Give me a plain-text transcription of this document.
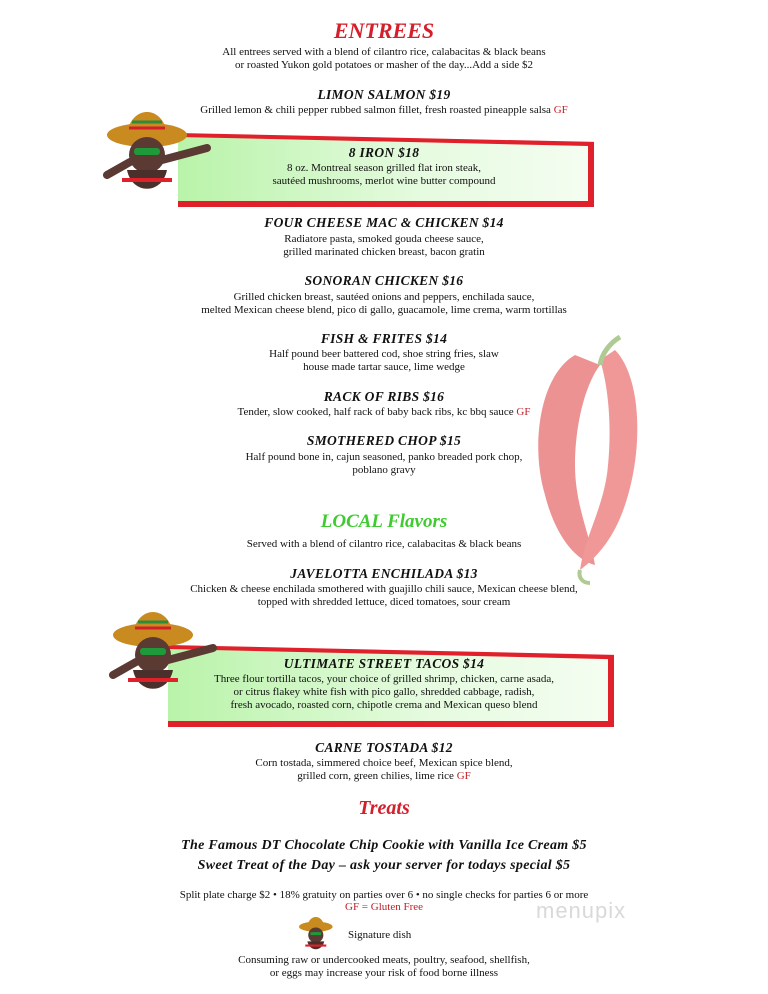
ENTREES
All entrees served with a blend of cilantro rice, calabacitas & black beans
or roasted Yukon gold potatoes or masher of the day...Add a side $2
LIMON SALMON $19
Grilled lemon & chili pepper rubbed salmon fillet, fresh roasted pineapple salsa GF
8 IRON $18
8 oz. Montreal season grilled flat iron steak,
sautéed mushrooms, merlot wine butter compound
FOUR CHEESE MAC & CHICKEN $14
Radiatore pasta, smoked gouda cheese sauce,
grilled marinated chicken breast, bacon gratin
SONORAN CHICKEN $16
Grilled chicken breast, sautéed onions and peppers, enchilada sauce,
melted Mexican cheese blend, pico di gallo, guacamole, lime crema, warm tortillas
FISH & FRITES $14
Half pound beer battered cod, shoe string fries, slaw
house made tartar sauce, lime wedge
RACK OF RIBS $16
Tender, slow cooked, half rack of baby back ribs, kc bbq sauce GF
SMOTHERED CHOP $15
Half pound bone in, cajun seasoned, panko breaded pork chop,
poblano gravy
LOCAL Flavors
Served with a blend of cilantro rice, calabacitas & black beans
JAVELOTTA ENCHILADA $13
Chicken & cheese enchilada smothered with guajillo chili sauce, Mexican cheese blend,
topped with shredded lettuce, diced tomatoes, sour cream
ULTIMATE STREET TACOS $14
Three flour tortilla tacos, your choice of grilled shrimp, chicken, carne asada,
or citrus flakey white fish with pico gallo, shredded cabbage, radish,
fresh avocado, roasted corn, chipotle crema and Mexican queso blend
CARNE TOSTADA $12
Corn tostada, simmered choice beef, Mexican spice blend,
grilled corn, green chilies, lime rice GF
Treats
The Famous DT Chocolate Chip Cookie with Vanilla Ice Cream $5
Sweet Treat of the Day – ask your server for todays special $5
Split plate charge $2 • 18% gratuity on parties over 6 • no single checks for parties 6 or more
GF = Gluten Free
Signature dish
Consuming raw or undercooked meats, poultry, seafood, shellfish,
or eggs may increase your risk of food borne illness
menupix
